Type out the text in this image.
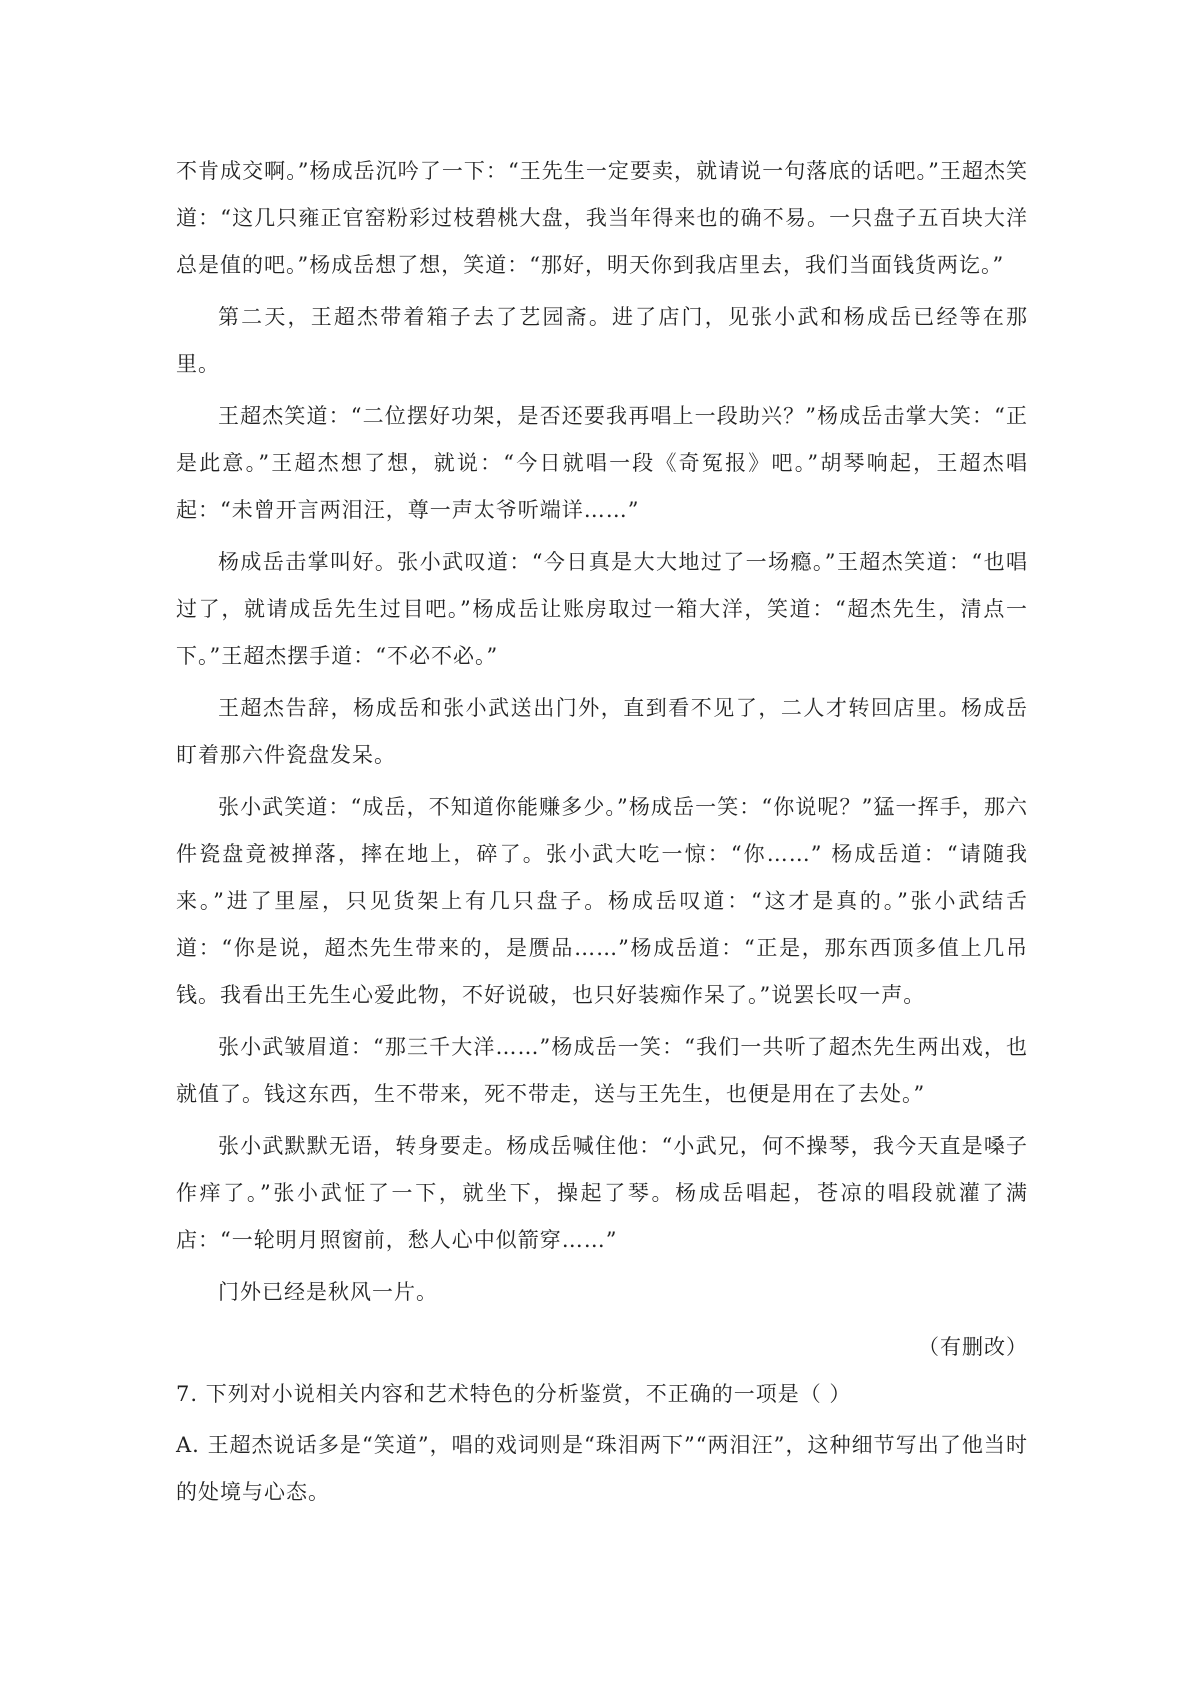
不肯成交啊。”杨成岳沉吟了一下：“王先生一定要卖，就请说一句落底的话吧。”王超杰笑道：“这几只雍正官窑粉彩过枝碧桃大盘，我当年得来也的确不易。一只盘子五百块大洋总是值的吧。”杨成岳想了想，笑道：“那好，明天你到我店里去，我们当面钱货两讫。”

第二天，王超杰带着箱子去了艺园斋。进了店门，见张小武和杨成岳已经等在那里。

王超杰笑道：“二位摆好功架，是否还要我再唱上一段助兴？”杨成岳击掌大笑：“正是此意。”王超杰想了想，就说：“今日就唱一段《奇冤报》吧。”胡琴响起，王超杰唱起：“未曾开言两泪汪，尊一声太爷听端详……”

杨成岳击掌叫好。张小武叹道：“今日真是大大地过了一场瘾。”王超杰笑道：“也唱过了，就请成岳先生过目吧。”杨成岳让账房取过一箱大洋，笑道：“超杰先生，清点一下。”王超杰摆手道：“不必不必。”

王超杰告辞，杨成岳和张小武送出门外，直到看不见了，二人才转回店里。杨成岳盯着那六件瓷盘发呆。

张小武笑道：“成岳，不知道你能赚多少。”杨成岳一笑：“你说呢？”猛一挥手，那六件瓷盘竟被掸落，摔在地上，碎了。张小武大吃一惊：“你……” 杨成岳道：“请随我来。”进了里屋，只见货架上有几只盘子。杨成岳叹道：“这才是真的。”张小武结舌道：“你是说，超杰先生带来的，是赝品……”杨成岳道：“正是，那东西顶多值上几吊钱。我看出王先生心爱此物，不好说破，也只好装痴作呆了。”说罢长叹一声。

张小武皱眉道：“那三千大洋……”杨成岳一笑：“我们一共听了超杰先生两出戏，也就值了。钱这东西，生不带来，死不带走，送与王先生，也便是用在了去处。”

张小武默默无语，转身要走。杨成岳喊住他：“小武兄，何不操琴，我今天直是嗓子作痒了。”张小武怔了一下，就坐下，操起了琴。杨成岳唱起，苍凉的唱段就灌了满店：“一轮明月照窗前，愁人心中似箭穿……”

门外已经是秋风一片。

（有删改）

7. 下列对小说相关内容和艺术特色的分析鉴赏，不正确的一项是（ ）

A. 王超杰说话多是“笑道”，唱的戏词则是“珠泪两下”“两泪汪”，这种细节写出了他当时的处境与心态。
